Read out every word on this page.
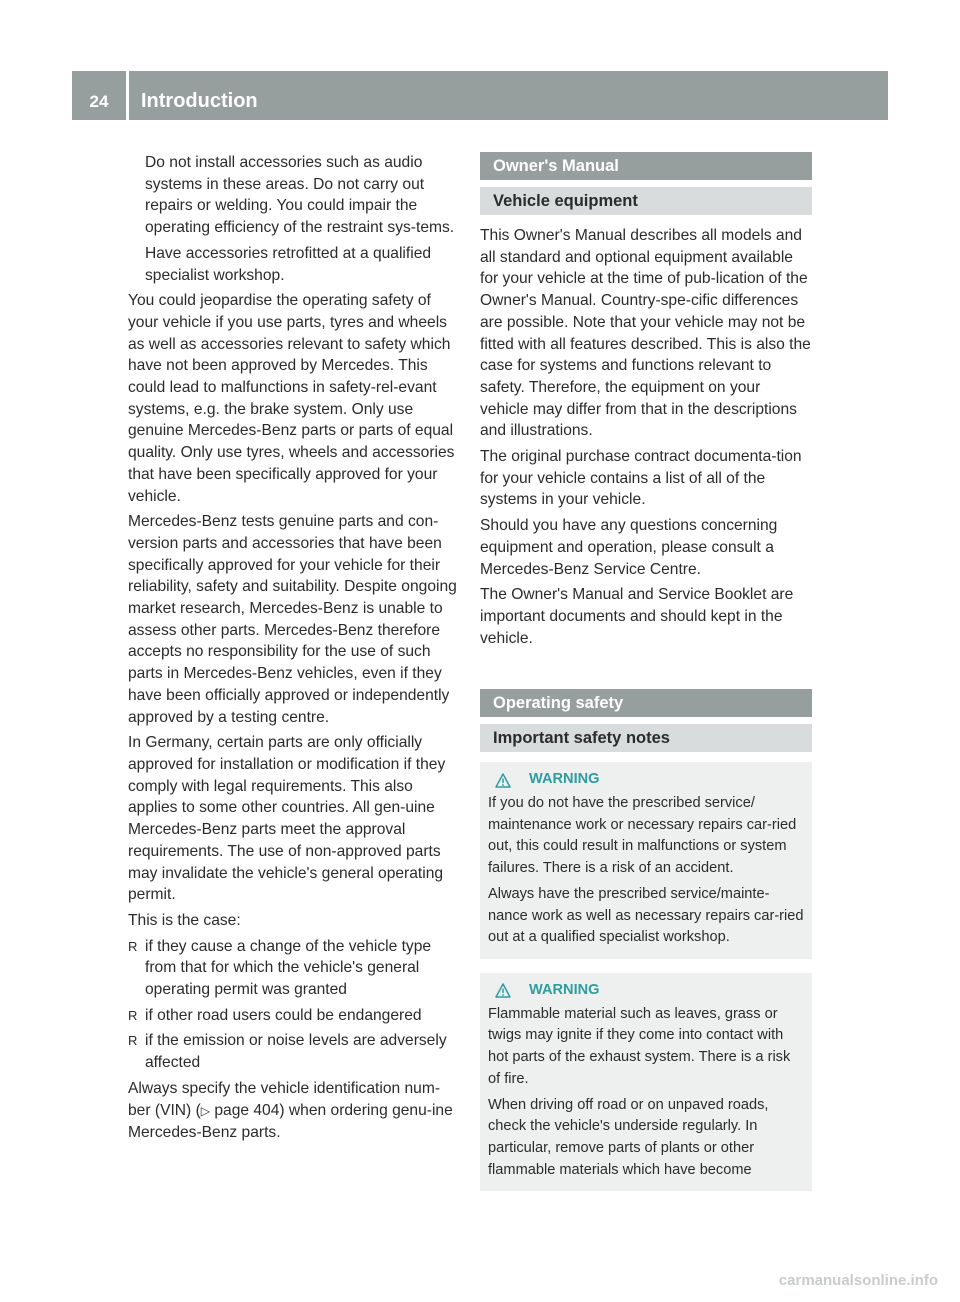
24	Introduction

Do not install accessories such as audio systems in these areas. Do not carry out repairs or welding. You could impair the operating efficiency of the restraint sys-tems.

Have accessories retrofitted at a qualified specialist workshop.

You could jeopardise the operating safety of your vehicle if you use parts, tyres and wheels as well as accessories relevant to safety which have not been approved by Mercedes. This could lead to malfunctions in safety-rel-evant systems, e.g. the brake system. Only use genuine Mercedes-Benz parts or parts of equal quality. Only use tyres, wheels and accessories that have been specifically approved for your vehicle.

Mercedes-Benz tests genuine parts and con-version parts and accessories that have been specifically approved for your vehicle for their reliability, safety and suitability. Despite ongoing market research, Mercedes-Benz is unable to assess other parts. Mercedes-Benz therefore accepts no responsibility for the use of such parts in Mercedes-Benz vehicles, even if they have been officially approved or independently approved by a testing centre.

In Germany, certain parts are only officially approved for installation or modification if they comply with legal requirements. This also applies to some other countries. All gen-uine Mercedes-Benz parts meet the approval requirements. The use of non-approved parts may invalidate the vehicle's general operating permit.

This is the case:

R if they cause a change of the vehicle type from that for which the vehicle's general operating permit was granted
R if other road users could be endangered
R if the emission or noise levels are adversely affected

Always specify the vehicle identification num-ber (VIN) (▷ page 404) when ordering genu-ine Mercedes-Benz parts.

Owner's Manual
Vehicle equipment

This Owner's Manual describes all models and all standard and optional equipment available for your vehicle at the time of pub-lication of the Owner's Manual. Country-spe-cific differences are possible. Note that your vehicle may not be fitted with all features described. This is also the case for systems and functions relevant to safety. Therefore, the equipment on your vehicle may differ from that in the descriptions and illustrations.

The original purchase contract documenta-tion for your vehicle contains a list of all of the systems in your vehicle.

Should you have any questions concerning equipment and operation, please consult a Mercedes-Benz Service Centre.

The Owner's Manual and Service Booklet are important documents and should kept in the vehicle.

Operating safety
Important safety notes
WARNING

If you do not have the prescribed service/ maintenance work or necessary repairs car-ried out, this could result in malfunctions or system failures. There is a risk of an accident.

Always have the prescribed service/mainte-nance work as well as necessary repairs car-ried out at a qualified specialist workshop.

WARNING

Flammable material such as leaves, grass or twigs may ignite if they come into contact with hot parts of the exhaust system. There is a risk of fire.

When driving off road or on unpaved roads, check the vehicle's underside regularly. In particular, remove parts of plants or other flammable materials which have become

carmanualsonline.info
